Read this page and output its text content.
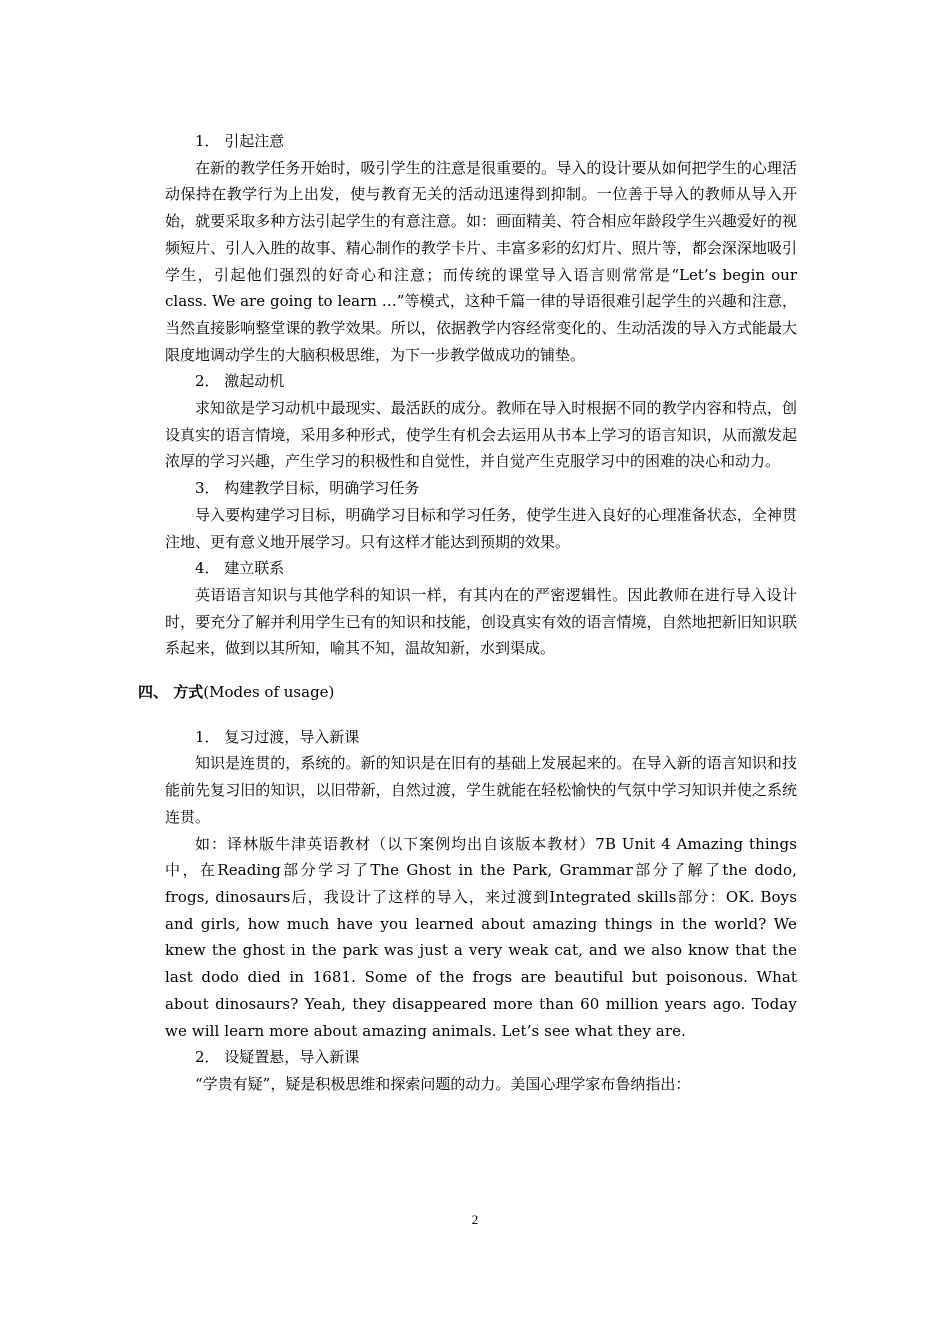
1． 引起注意

在新的教学任务开始时，吸引学生的注意是很重要的。导入的设计要从如何把学生的心理活动保持在教学行为上出发，使与教育无关的活动迅速得到抑制。一位善于导入的教师从导入开始，就要采取多种方法引起学生的有意注意。如：画面精美、符合相应年龄段学生兴趣爱好的视频短片、引人入胜的故事、精心制作的教学卡片、丰富多彩的幻灯片、照片等，都会深深地吸引学生，引起他们强烈的好奇心和注意；而传统的课堂导入语言则常常是“Let’s begin our class. We are going to learn …”等模式，这种千篇一律的导语很难引起学生的兴趣和注意，当然直接影响整堂课的教学效果。所以，依据教学内容经常变化的、生动活泼的导入方式能最大限度地调动学生的大脑积极思维，为下一步教学做成功的铺垫。

2． 激起动机

求知欲是学习动机中最现实、最活跃的成分。教师在导入时根据不同的教学内容和特点，创设真实的语言情境，采用多种形式，使学生有机会去运用从书本上学习的语言知识，从而激发起浓厚的学习兴趣，产生学习的积极性和自觉性，并自觉产生克服学习中的困难的决心和动力。

3． 构建教学目标，明确学习任务

导入要构建学习目标，明确学习目标和学习任务，使学生进入良好的心理准备状态，全神贯注地、更有意义地开展学习。只有这样才能达到预期的效果。

4． 建立联系

英语语言知识与其他学科的知识一样，有其内在的严密逻辑性。因此教师在进行导入设计时，要充分了解并利用学生已有的知识和技能，创设真实有效的语言情境，自然地把新旧知识联系起来，做到以其所知，喻其不知，温故知新，水到渠成。

四、 方式(Modes of usage)
1． 复习过渡，导入新课

知识是连贯的，系统的。新的知识是在旧有的基础上发展起来的。在导入新的语言知识和技能前先复习旧的知识，以旧带新，自然过渡，学生就能在轻松愉快的气氛中学习知识并使之系统连贯。

如：译林版牛津英语教材（以下案例均出自该版本教材）7B Unit 4 Amazing things中，在Reading部分学习了The Ghost in the Park, Grammar部分了解了the dodo, frogs, dinosaurs后，我设计了这样的导入，来过渡到Integrated skills部分：OK. Boys and girls, how much have you learned about amazing things in the world? We knew the ghost in the park was just a very weak cat, and we also know that the last dodo died in 1681. Some of the frogs are beautiful but poisonous. What about dinosaurs? Yeah, they disappeared more than 60 million years ago. Today we will learn more about amazing animals. Let’s see what they are.

2． 设疑置悬，导入新课

“学贵有疑”，疑是积极思维和探索问题的动力。美国心理学家布鲁纳指出：

2
